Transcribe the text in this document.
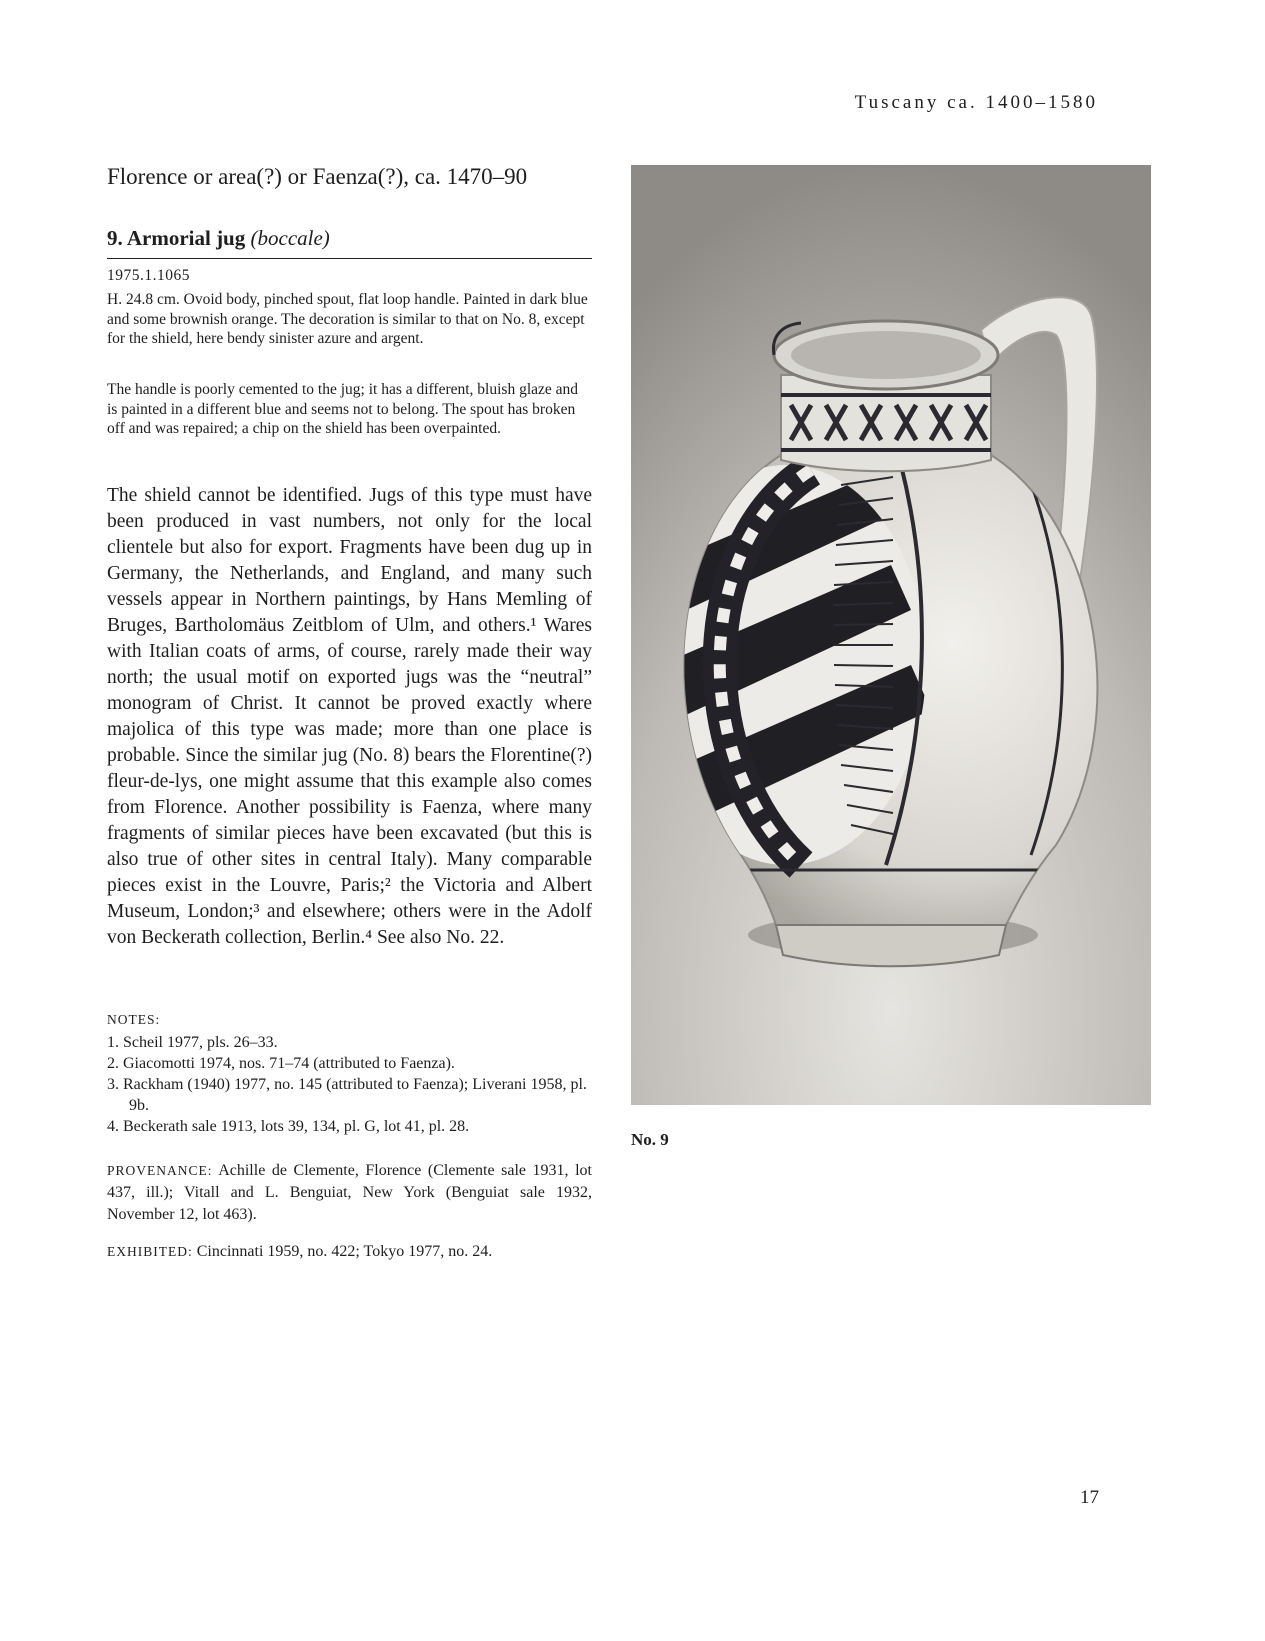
Tuscany ca. 1400–1580
Florence or area(?) or Faenza(?), ca. 1470–90
9. Armorial jug (boccale)
1975.1.1065
H. 24.8 cm. Ovoid body, pinched spout, flat loop handle. Painted in dark blue and some brownish orange. The decoration is similar to that on No. 8, except for the shield, here bendy sinister azure and argent.
The handle is poorly cemented to the jug; it has a different, bluish glaze and is painted in a different blue and seems not to belong. The spout has broken off and was repaired; a chip on the shield has been overpainted.
The shield cannot be identified. Jugs of this type must have been produced in vast numbers, not only for the local clientele but also for export. Fragments have been dug up in Germany, the Netherlands, and England, and many such vessels appear in Northern paintings, by Hans Memling of Bruges, Bartholomäus Zeitblom of Ulm, and others.¹ Wares with Italian coats of arms, of course, rarely made their way north; the usual motif on exported jugs was the “neutral” monogram of Christ. It cannot be proved exactly where majolica of this type was made; more than one place is probable. Since the similar jug (No. 8) bears the Florentine(?) fleur-de-lys, one might assume that this example also comes from Florence. Another possibility is Faenza, where many fragments of similar pieces have been excavated (but this is also true of other sites in central Italy). Many comparable pieces exist in the Louvre, Paris;² the Victoria and Albert Museum, London;³ and elsewhere; others were in the Adolf von Beckerath collection, Berlin.⁴ See also No. 22.
NOTES:
1. Scheil 1977, pls. 26–33.
2. Giacomotti 1974, nos. 71–74 (attributed to Faenza).
3. Rackham (1940) 1977, no. 145 (attributed to Faenza); Liverani 1958, pl. 9b.
4. Beckerath sale 1913, lots 39, 134, pl. G, lot 41, pl. 28.
PROVENANCE: Achille de Clemente, Florence (Clemente sale 1931, lot 437, ill.); Vitall and L. Benguiat, New York (Benguiat sale 1932, November 12, lot 463).
EXHIBITED: Cincinnati 1959, no. 422; Tokyo 1977, no. 24.
No. 9
17
